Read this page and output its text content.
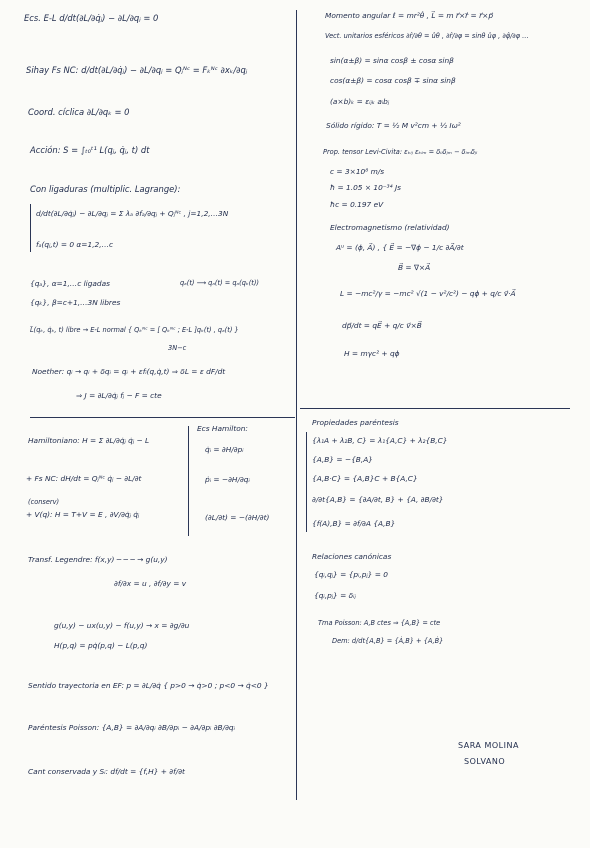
Ecs. E-L d/dt(∂L/∂q̇ⱼ) − ∂L/∂qⱼ = 0
Sihay Fs NC: d/dt(∂L/∂q̇ⱼ) − ∂L/∂qⱼ = Qⱼᴺᶜ = Fₖᴺᶜ ∂xₖ/∂qⱼ
Coord. cíclica ∂L/∂qₖ = 0
Acción: S = ∫ₜ₀ᵗ¹ L(qⱼ, q̇ⱼ, t) dt
Con ligaduras (multiplic. Lagrange):
d/dt(∂L/∂q̇ⱼ) − ∂L/∂qⱼ = Σ λₐ ∂fₐ/∂qⱼ + Qⱼᴺᶜ , j=1,2,…3N
fₐ(qⱼ,t) = 0 α=1,2,…c
{qₐ}, α=1,…c ligadas
{qₖ}, β=c+1,…3N libres
qₐ(t) ⟶ qₐ(t) = qₐ(qₖ(t))
L̃(qₖ, q̇ₖ, t) libre → E-L normal { Qₖᴺᶜ = [ Qₖᴺᶜ ; E-L ]qₖ(t) , qₐ(t) }
3N−c
Noether: qᵢ → qᵢ + δqᵢ = qᵢ + εfᵢ(q,q̇,t) ⇒ δL = ε dF/dt
⇒ J = ∂L/∂q̇ⱼ fⱼ − F = cte
Hamiltoniano: H = Σ ∂L/∂q̇ⱼ q̇ⱼ − L
+ Fs NC: dH/dt = Qⱼᴺᶜ q̇ⱼ − ∂L/∂t
(conserv)
+ V(q): H = T+V = E , ∂V/∂q̇ⱼ q̇ⱼ
Ecs Hamilton:
q̇ᵢ = ∂H/∂pᵢ
ṗᵢ = −∂H/∂qᵢ
(∂L/∂t) = −(∂H/∂t)
Transf. Legendre: f(x,y) ─ ─ ─ → g(u,y)
∂f/∂x = u , ∂f/∂y = v
g(u,y) − ux(u,y) − f(u,y) → x = ∂g/∂u
H(p,q) = pq̇(p,q) − L(p,q)
Sentido trayectoria en EF: p = ∂L/∂q̇ { p>0 → q̇>0 ; p<0 → q̇<0 }
Paréntesis Poisson: {A,B} = ∂A/∂qᵢ ∂B/∂pᵢ − ∂A/∂pᵢ ∂B/∂qᵢ
Cant conservada y Sᵢ: df/dt = {f,H} + ∂f/∂t
Momento angular ℓ = mr²θ̇ , L⃗ = m r⃗×ṙ⃗ = r⃗×p⃗
Vect. unitarios esféricos ∂r̂/∂θ = ûθ , ∂r̂/∂φ = sinθ ûφ , ∂φ̂/∂φ …
sin(α±β) = sinα cosβ ± cosα sinβ
cos(α±β) = cosα cosβ ∓ sinα sinβ
(a×b)ₖ = εᵢⱼₖ aᵢbⱼ
Sólido rígido: T = ½ M v²cm + ½ Iω²
Prop. tensor Levi-Civita: εₖᵢⱼ εₖₗₘ = δᵢₗδⱼₘ − δᵢₘδⱼₗ
c = 3×10⁸ m/s
ħ = 1.05 × 10⁻³⁴ Js
ħc = 0.197 eV
Electromagnetismo (relatividad)
Aᵘ = (ϕ, A⃗) , { E⃗ = −∇ϕ − 1/c ∂A⃗/∂t
B⃗ = ∇×A⃗
L = −mc²/γ = −mc² √(1 − v²/c²) − qϕ + q/c v⃗·A⃗
dp⃗/dt = qE⃗ + q/c v⃗×B⃗
H = mγc² + qϕ
Propiedades paréntesis
{λ₁A + λ₂B, C} = λ₁{A,C} + λ₂{B,C}
{A,B} = −{B,A}
{A,B·C} = {A,B}C + B{A,C}
∂/∂t{A,B} = {∂A/∂t, B} + {A, ∂B/∂t}
{f(A),B} = ∂f/∂A {A,B}
Relaciones canónicas
{qᵢ,qⱼ} = {pᵢ,pⱼ} = 0
{qᵢ,pⱼ} = δᵢⱼ
Tma Poisson: A,B ctes ⇒ {A,B} = cte
Dem: d/dt{A,B} = {Ȧ,B} + {A,Ḃ}
SARA MOLINA
SOLVANO
